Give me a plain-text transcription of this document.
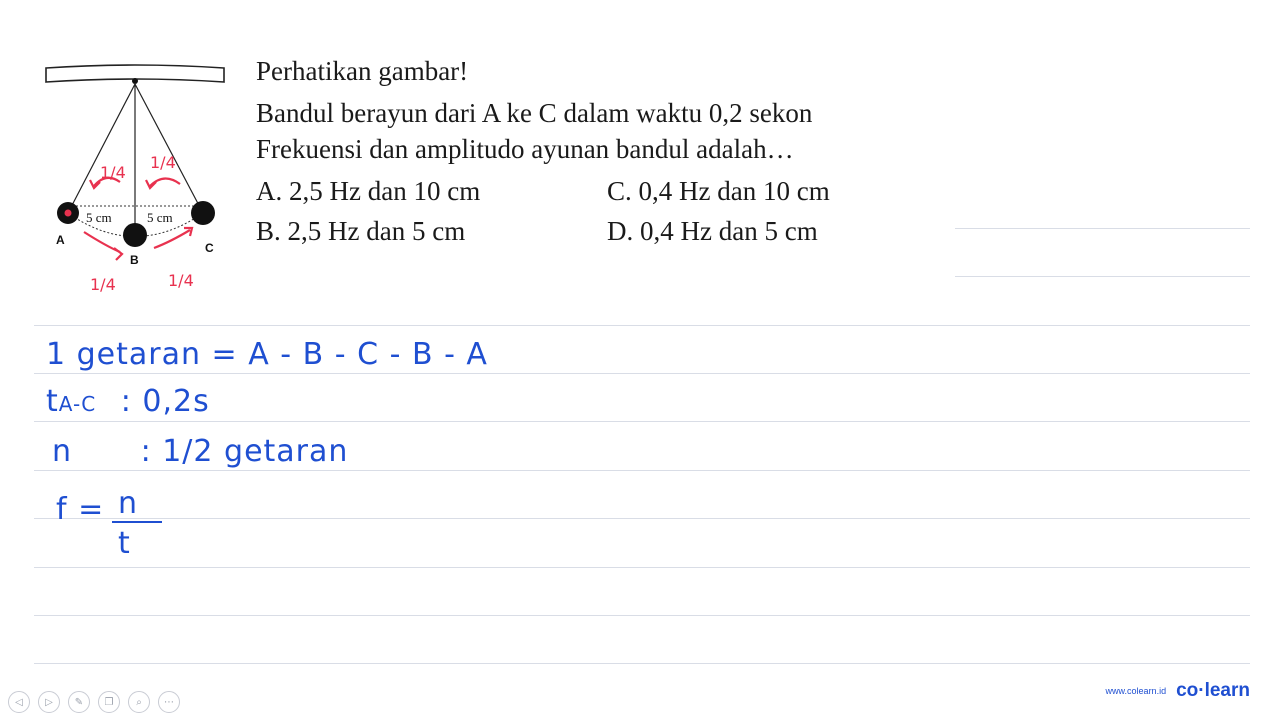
5 cm	5 cm
A
B
C
1/4
1/4
1/4	1/4
Perhatikan gambar!
Bandul berayun dari A ke C dalam waktu 0,2 sekon
Frekuensi dan amplitudo ayunan bandul adalah…
A. 2,5 Hz dan 10 cm
B. 2,5 Hz dan 5 cm
C. 0,4 Hz dan 10 cm
D. 0,4 Hz dan 5 cm
1 getaran = A - B - C - B - A
tA-C : 0,2s
n : 1/2 getaran
f = n
t
◁	▷	✎	❐	⌕	⋯
www.colearn.id co·learn
